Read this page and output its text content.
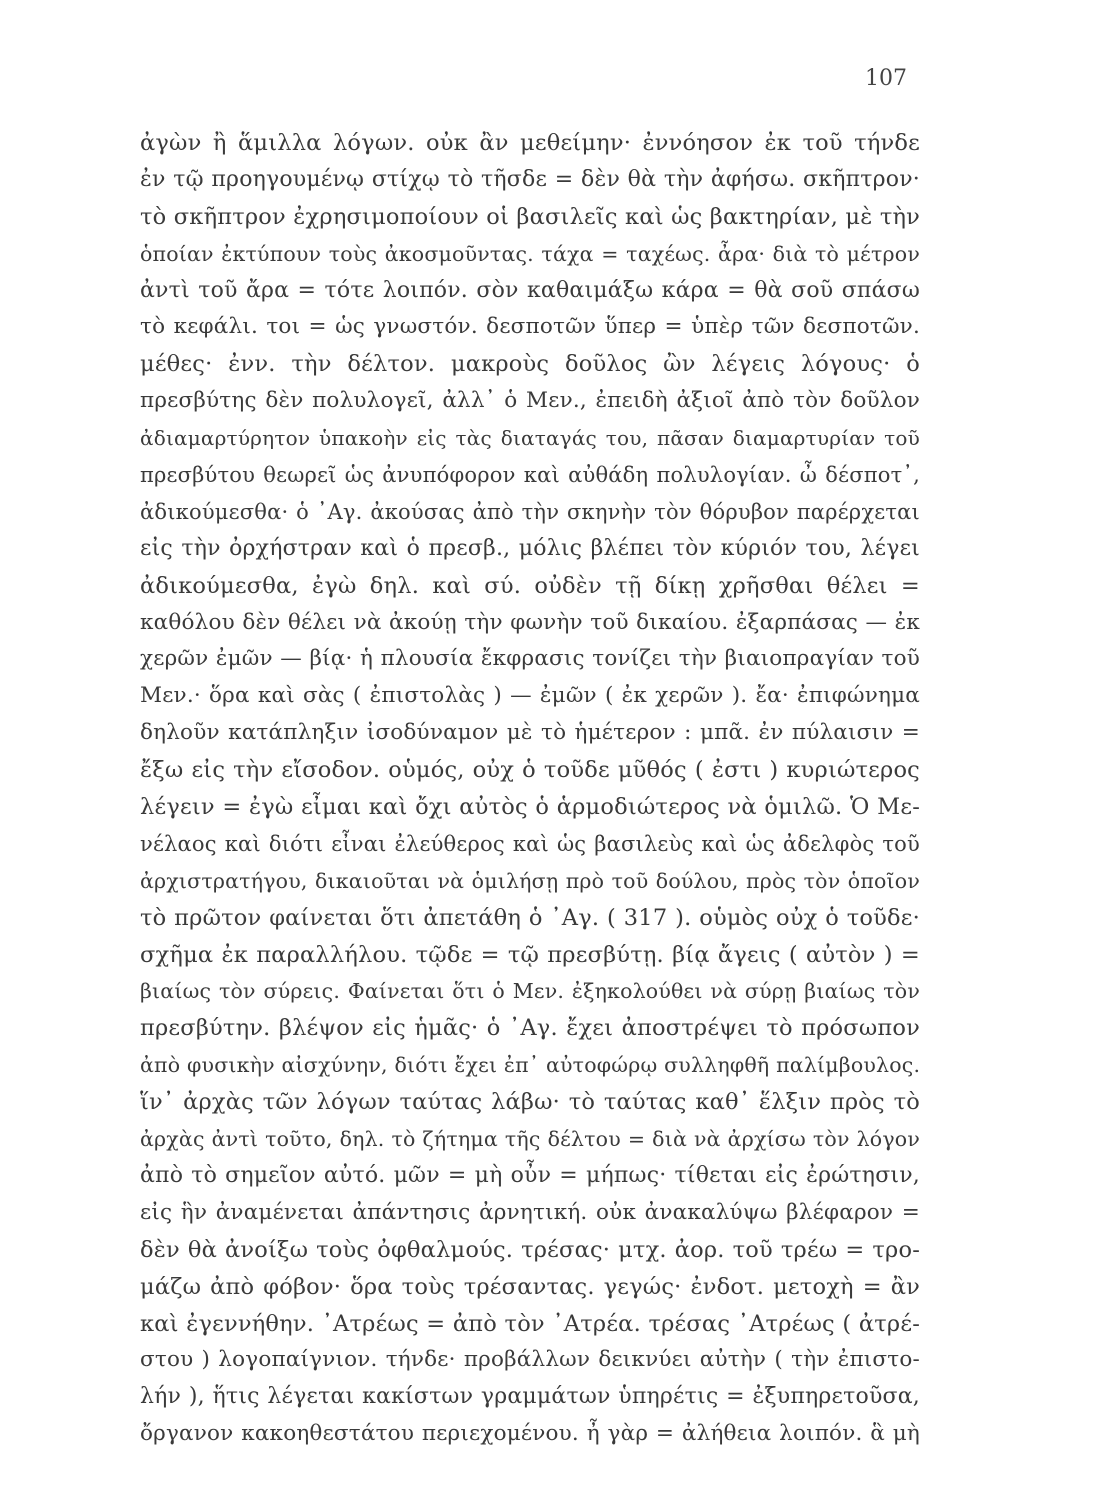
107
ἀγὼν ἢ ἅμιλλα λόγων. οὐκ ἂν μεθείμην· ἐννόησον ἐκ τοῦ τήνδε
ἐν τῷ προηγουμένῳ στίχῳ τὸ τῆσδε = δὲν θὰ τὴν ἀφήσω. σκῆπτρον·
τὸ σκῆπτρον ἐχρησιμοποίουν οἱ βασιλεῖς καὶ ὡς βακτηρίαν, μὲ τὴν
ὁποίαν ἐκτύπουν τοὺς ἀκοσμοῦντας. τάχα = ταχέως. ἆρα· διὰ τὸ μέτρον
ἀντὶ τοῦ ἄρα = τότε λοιπόν. σὸν καθαιμάξω κάρα = θὰ σοῦ σπάσω
τὸ κεφάλι. τοι = ὡς γνωστόν. δεσποτῶν ὕπερ = ὑπὲρ τῶν δεσποτῶν.
μέθες· ἐνν. τὴν δέλτον. μακροὺς δοῦλος ὢν λέγεις λόγους· ὁ
πρεσβύτης δὲν πολυλογεῖ, ἀλλ᾽ ὁ Μεν., ἐπειδὴ ἀξιοῖ ἀπὸ τὸν δοῦλον
ἀδιαμαρτύρητον ὑπακοὴν εἰς τὰς διαταγάς του, πᾶσαν διαμαρτυρίαν τοῦ
πρεσβύτου θεωρεῖ ὡς ἀνυπόφορον καὶ αὐθάδη πολυλογίαν. ὦ δέσποτ᾽,
ἀδικούμεσθα· ὁ ᾽Αγ. ἀκούσας ἀπὸ τὴν σκηνὴν τὸν θόρυβον παρέρχεται
εἰς τὴν ὀρχήστραν καὶ ὁ πρεσβ., μόλις βλέπει τὸν κύριόν του, λέγει
ἀδικούμεσθα, ἐγὼ δηλ. καὶ σύ. οὐδὲν τῇ δίκῃ χρῆσθαι θέλει =
καθόλου δὲν θέλει νὰ ἀκούῃ τὴν φωνὴν τοῦ δικαίου. ἐξαρπάσας — ἐκ
χερῶν ἐμῶν — βίᾳ· ἡ πλουσία ἔκφρασις τονίζει τὴν βιαιοπραγίαν τοῦ
Μεν.· ὅρα καὶ σὰς ( ἐπιστολὰς ) — ἐμῶν ( ἐκ χερῶν ). ἔα· ἐπιφώνημα
δηλοῦν κατάπληξιν ἰσοδύναμον μὲ τὸ ἡμέτερον : μπᾶ. ἐν πύλαισιν =
ἔξω εἰς τὴν εἴσοδον. οὑμός, οὐχ ὁ τοῦδε μῦθός ( ἐστι ) κυριώτερος
λέγειν = ἐγὼ εἶμαι καὶ ὄχι αὐτὸς ὁ ἁρμοδιώτερος νὰ ὁμιλῶ. Ὁ Με-
νέλαος καὶ διότι εἶναι ἐλεύθερος καὶ ὡς βασιλεὺς καὶ ὡς ἀδελφὸς τοῦ
ἀρχιστρατήγου, δικαιοῦται νὰ ὁμιλήσῃ πρὸ τοῦ δούλου, πρὸς τὸν ὁποῖον
τὸ πρῶτον φαίνεται ὅτι ἀπετάθη ὁ ᾽Αγ. ( 317 ). οὑμὸς οὐχ ὁ τοῦδε·
σχῆμα ἐκ παραλλήλου. τῷδε = τῷ πρεσβύτῃ. βίᾳ ἄγεις ( αὐτὸν ) =
βιαίως τὸν σύρεις. Φαίνεται ὅτι ὁ Μεν. ἐξηκολούθει νὰ σύρῃ βιαίως τὸν
πρεσβύτην. βλέψον εἰς ἡμᾶς· ὁ ᾽Αγ. ἔχει ἀποστρέψει τὸ πρόσωπον
ἀπὸ φυσικὴν αἰσχύνην, διότι ἔχει ἐπ᾽ αὐτοφώρῳ συλληφθῆ παλίμβουλος.
ἵν᾽ ἀρχὰς τῶν λόγων ταύτας λάβω· τὸ ταύτας καθ᾽ ἕλξιν πρὸς τὸ
ἀρχὰς ἀντὶ τοῦτο, δηλ. τὸ ζήτημα τῆς δέλτου = διὰ νὰ ἀρχίσω τὸν λόγον
ἀπὸ τὸ σημεῖον αὐτό. μῶν = μὴ οὖν = μήπως· τίθεται εἰς ἐρώτησιν,
εἰς ἣν ἀναμένεται ἀπάντησις ἀρνητική. οὐκ ἀνακαλύψω βλέφαρον =
δὲν θὰ ἀνοίξω τοὺς ὀφθαλμούς. τρέσας· μτχ. ἀορ. τοῦ τρέω = τρο-
μάζω ἀπὸ φόβον· ὅρα τοὺς τρέσαντας. γεγώς· ἐνδοτ. μετοχὴ = ἂν
καὶ ἐγεννήθην. ᾽Ατρέως = ἀπὸ τὸν ᾽Ατρέα. τρέσας ᾽Ατρέως ( ἀτρέ-
στου ) λογοπαίγνιον. τήνδε· προβάλλων δεικνύει αὐτὴν ( τὴν ἐπιστο-
λήν ), ἥτις λέγεται κακίστων γραμμάτων ὑπηρέτις = ἐξυπηρετοῦσα,
ὄργανον κακοηθεστάτου περιεχομένου. ἦ γὰρ = ἀλήθεια λοιπόν. ἃ μὴ
